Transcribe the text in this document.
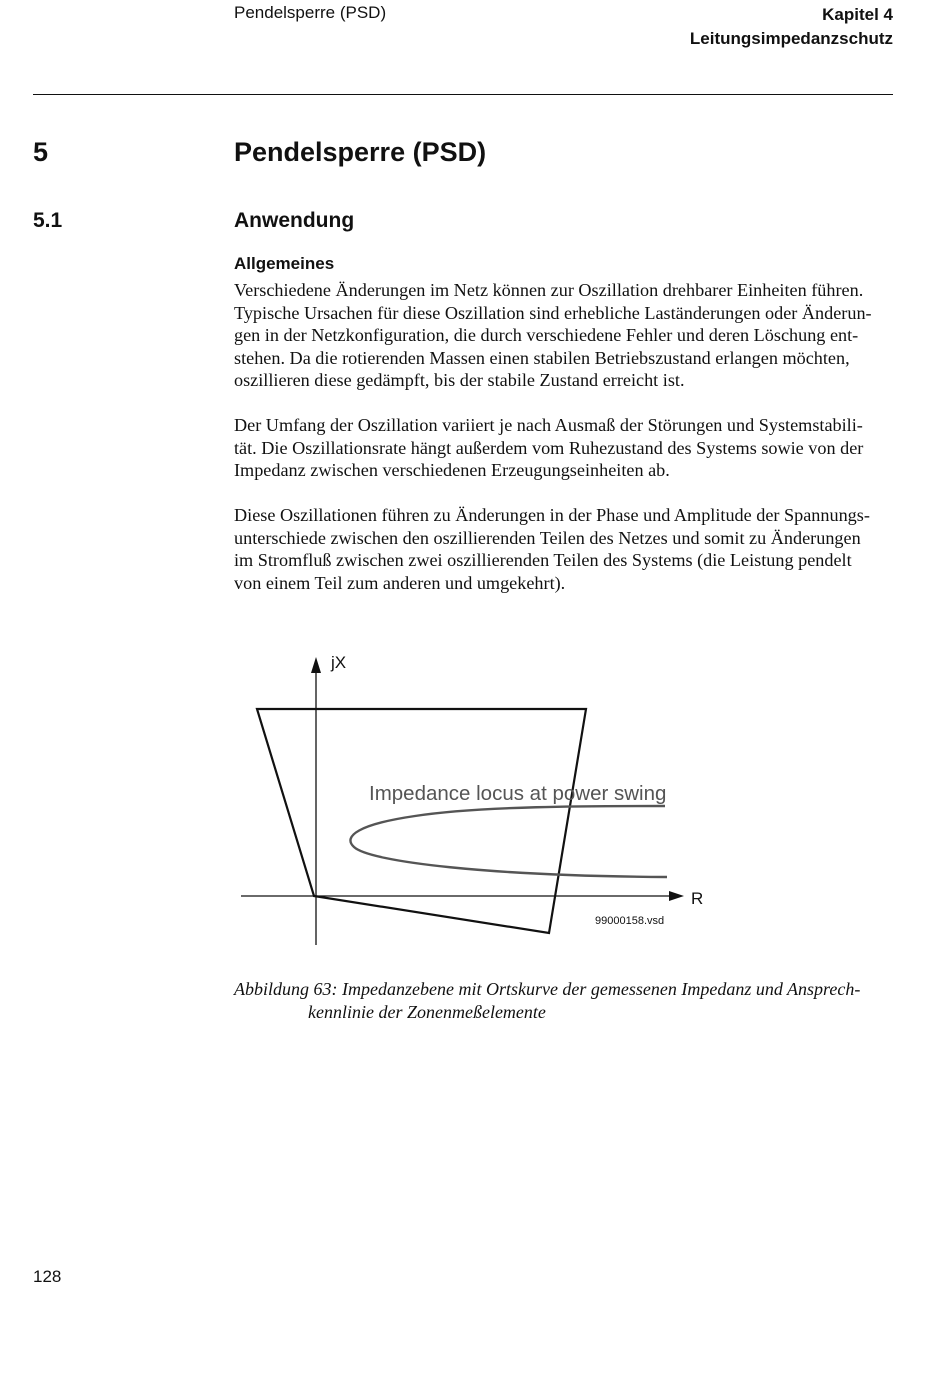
Pendelsperre (PSD)	Kapitel 4
Leitungsimpedanzschutz
5	Pendelsperre (PSD)
5.1	Anwendung
Allgemeines
Verschiedene Änderungen im Netz können zur Oszillation drehbarer Einheiten führen.
Typische Ursachen für diese Oszillation sind erhebliche Laständerungen oder Änderun-
gen in der Netzkonfiguration, die durch verschiedene Fehler und deren Löschung ent-
stehen. Da die rotierenden Massen einen stabilen Betriebszustand erlangen möchten,
oszillieren diese gedämpft, bis der stabile Zustand erreicht ist.
Der Umfang der Oszillation variiert je nach Ausmaß der Störungen und Systemstabili-
tät. Die Oszillationsrate hängt außerdem vom Ruhezustand des Systems sowie von der
Impedanz zwischen verschiedenen Erzeugungseinheiten ab.
Diese Oszillationen führen zu Änderungen in der Phase und Amplitude der Spannungs-
unterschiede zwischen den oszillierenden Teilen des Netzes und somit zu Änderungen
im Stromfluß zwischen zwei oszillierenden Teilen des Systems (die Leistung pendelt
von einem Teil zum anderen und umgekehrt).
jX
R
Impedance locus at power swing
99000158.vsd
Abbildung 63: Impedanzebene mit Ortskurve der gemessenen Impedanz und Ansprech-
kennlinie der Zonenmeßelemente
128
